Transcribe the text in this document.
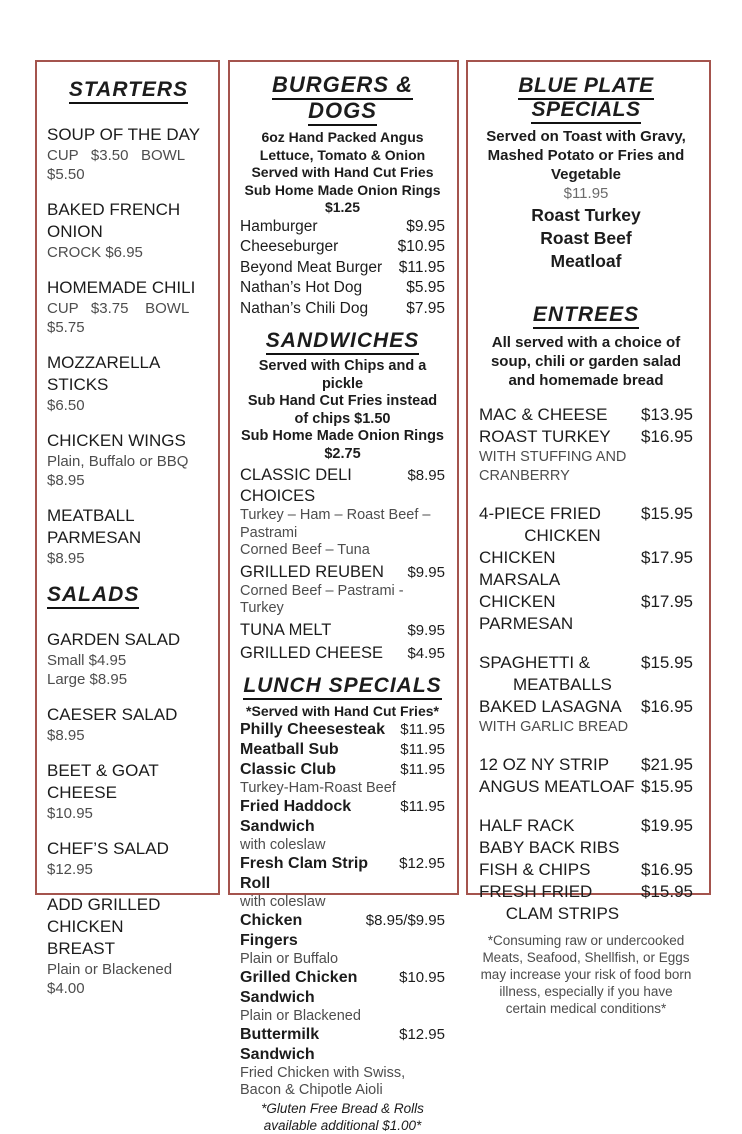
STARTERS
SOUP OF THE DAY
CUP   $3.50   BOWL   $5.50
BAKED FRENCH ONION
CROCK $6.95
HOMEMADE CHILI
CUP   $3.75    BOWL  $5.75
MOZZARELLA STICKS
$6.50
CHICKEN WINGS
Plain, Buffalo or BBQ
$8.95
MEATBALL PARMESAN
$8.95
SALADS
GARDEN SALAD
Small $4.95
Large $8.95
CAESER SALAD
$8.95
BEET & GOAT CHEESE
$10.95
CHEF’S SALAD
$12.95
ADD GRILLED CHICKEN
BREAST
Plain or Blackened
$4.00
BURGERS & DOGS
6oz Hand Packed Angus
Lettuce, Tomato & Onion
Served with Hand Cut Fries
Sub Home Made Onion Rings $1.25
Hamburger	$9.95
Cheeseburger	$10.95
Beyond Meat Burger	$11.95
Nathan’s Hot Dog	$5.95
Nathan’s Chili Dog	$7.95
SANDWICHES
Served with Chips and a pickle
Sub Hand Cut Fries instead of chips $1.50
Sub Home Made Onion Rings $2.75
CLASSIC DELI CHOICES
$8.95
Turkey – Ham – Roast Beef – Pastrami
Corned Beef – Tuna
GRILLED REUBEN	$9.95
Corned Beef – Pastrami - Turkey
TUNA MELT	$9.95
GRILLED CHEESE	$4.95
LUNCH SPECIALS
*Served with Hand Cut Fries*
Philly Cheesesteak	$11.95
Meatball Sub	$11.95
Classic Club	$11.95
Turkey-Ham-Roast Beef
Fried Haddock Sandwich
$11.95
with coleslaw
Fresh Clam Strip Roll
$12.95
with coleslaw
Chicken Fingers
$8.95/$9.95
Plain or Buffalo
Grilled Chicken Sandwich
$10.95
Plain or Blackened
Buttermilk Sandwich
$12.95
Fried Chicken with Swiss, Bacon & Chipotle Aioli
*Gluten Free Bread & Rolls available additional $1.00*
BLUE PLATE SPECIALS
Served on Toast with Gravy, Mashed Potato or Fries and Vegetable
$11.95
Roast Turkey
Roast Beef
Meatloaf
ENTREES
All served with a choice of soup, chili or garden salad and homemade bread
MAC & CHEESE	$13.95
ROAST TURKEY	$16.95
WITH STUFFING AND CRANBERRY
4-PIECE FRIED	$15.95
CHICKEN
CHICKEN MARSALA
$17.95
CHICKEN PARMESAN
$17.95
SPAGHETTI &	$15.95
MEATBALLS
BAKED LASAGNA	$16.95
WITH GARLIC BREAD
12 OZ NY STRIP	$21.95
ANGUS MEATLOAF $15.95
HALF RACK	$19.95
BABY BACK RIBS
FISH & CHIPS	$16.95
FRESH FRIED	$15.95
CLAM STRIPS
*Consuming raw or undercooked Meats, Seafood, Shellfish, or Eggs may increase your risk of food born illness, especially if you have certain medical conditions*
